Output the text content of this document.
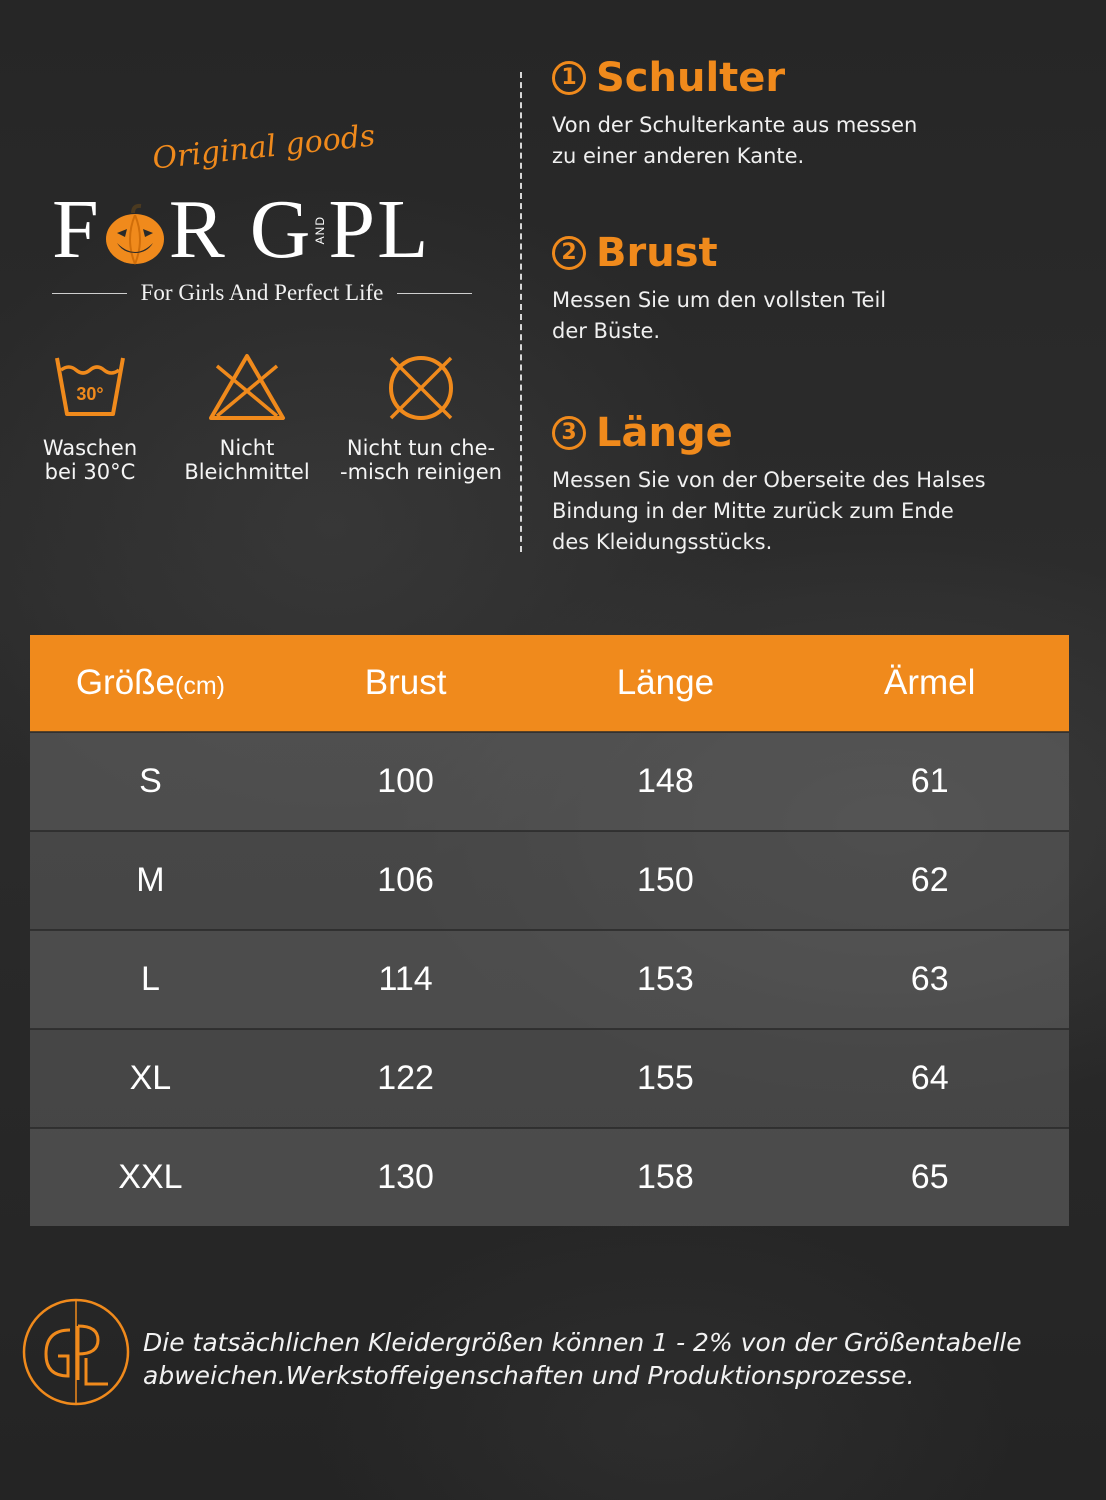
Original goods
F R G AND PL
For Girls And Perfect Life
30°
Waschen
bei 30°C
Nicht
Bleichmittel
Nicht tun che-
-misch reinigen
1 Schulter
Von der Schulterkante aus messen
zu einer anderen Kante.
2 Brust
Messen Sie um den vollsten Teil
der Büste.
3 Länge
Messen Sie von der Oberseite des Halses
Bindung in der Mitte zurück zum Ende
des Kleidungsstücks.
Größe(cm)	Brust	Länge	Ärmel
S	100	148	61
M	106	150	62
L	114	153	63
XL	122	155	64
XXL	130	158	65
Die tatsächlichen Kleidergrößen können 1 - 2% von der Größentabelle
abweichen.Werkstoffeigenschaften und Produktionsprozesse.
